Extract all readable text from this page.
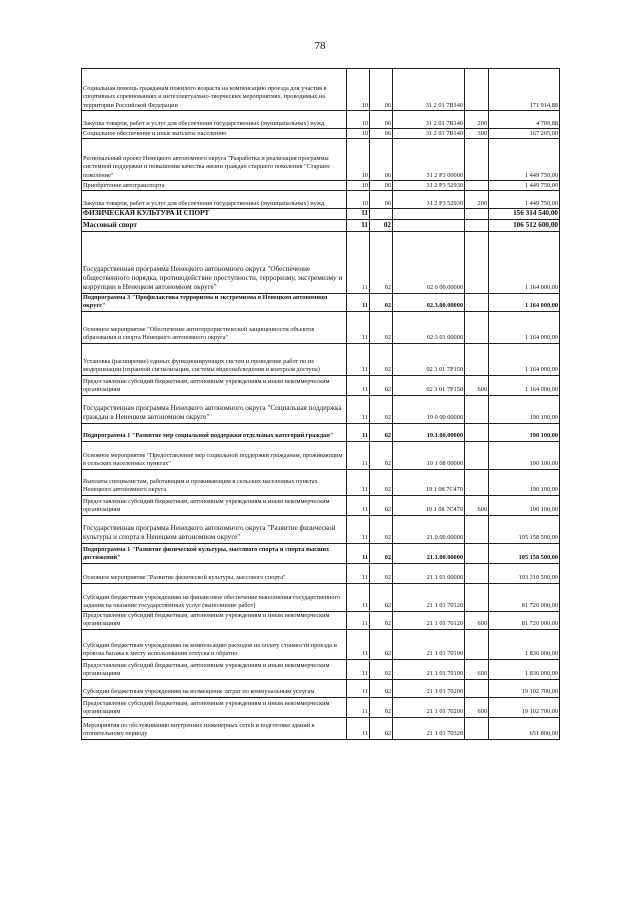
78
Социальная помощь гражданам пожилого возраста на компенсацию проезда для участия в спортивных соревнованиях и интеллектуально-творческих мероприятиях, проводимых на территории Российской Федерации	10	06	31 2 01 7В140		171 914,88
Закупка товаров, работ и услуг для обеспечения государственных (муниципальных) нужд	10	06	31 2 01 7В140	200	4 709,88
Социальное обеспечение и иные выплаты населению	10	06	31 2 01 7В140	300	167 205,00
Региональный проект Ненецкого автономного округа "Разработка и реализация программы системной поддержки и повышения качества жизни граждан старшего поколения "Старшее поколение"	10	06	31 2 P3 00000		1 449 750,00
Приобретение автотранспорта	10	06	31 2 P3 52930		1 449 750,00
Закупка товаров, работ и услуг для обеспечения государственных (муниципальных) нужд	10	06	31 2 P3 52930	200	1 449 750,00
ФИЗИЧЕСКАЯ КУЛЬТУРА И СПОРТ	11				156 314 540,00
Массовый спорт	11	02			106 512 600,00
Государственная программа Ненецкого автономного округа "Обеспечение общественного порядка, противодействие преступности, терроризму, экстремизму и коррупции в Ненецком автономном округе"	11	02	02 0 00.00000		1 164 000,00
Подпрограмма 3 "Профилактика терроризма и экстремизма в Ненецком автономном округе"	11	02	02.3.00.00000		1 164 000,00
Основное мероприятие "Обеспечение антитеррористической защищенности объектов образования и спорта Ненецкого автономного округа"	11	02	02 3 01 00000		1 164 000,00
Установка (расширение) единых функционирующих систем и проведение работ по их модернизации (охранной сигнализации, системы видеонаблюдения и контроля доступа)	11	02	02 3 01 7Р150		1 164 000,00
Предоставление субсидий бюджетным, автономным учреждениям и иным некоммерческим организациям	11	02	02 3 01 7Р150	600	1 164 000,00
Государственная программа Ненецкого автономного округа "Социальная поддержка граждан в Ненецком автономном округе"	11	02	19 0 00 00000		190 100,00
Подпрограмма 1 "Развитие мер социальной поддержки отдельных категорий граждан"	11	02	19.1.00.00000		190 100,00
Основное мероприятие "Предоставление мер социальной поддержки гражданам, проживающим в сельских населенных пунктах"	11	02	19 1 08 00000		190 100,00
Выплаты специалистам, работающим и проживающим в сельских населенных пунктах Ненецкого автономного округа	11	02	19 1 08 7С470		190 100,00
Предоставление субсидий бюджетным, автономным учреждениям и иным некоммерческим организациям	11	02	19 1 08 7С470	600	190 100,00
Государственная программа Ненецкого автономного округа "Развитие физической культуры и спорта в Ненецком автономном округе"	11	02	21.0.00.00000		105 158 500,00
Подпрограмма 1 "Развитие физической культуры, массового спорта и спорта высших достижений"	11	02	21.1.00.00000		105 158 500,00
Основное мероприятие "Развитие физической культуры, массового спорта"	11	02	21 1 01 00000		103 310 500,00
Субсидии бюджетным учреждениям на финансовое обеспечение выполнения государственного задания на оказание государственных услуг (выполнение работ)	11	02	21 1 01 70120		81 720 000,00
Предоставление субсидий бюджетным, автономным учреждениям и иным некоммерческим организациям	11	02	21 1 01 70120	600	81 720 000,00
Субсидии бюджетным учреждениям на компенсацию расходов на оплату стоимости проезда и провоза багажа к месту использования отпуска и обратно	11	02	21 1 01 70190		1 836 000,00
Предоставление субсидий бюджетным, автономным учреждениям и иным некоммерческим организациям	11	02	21 1 01 70190	600	1 836 000,00
Субсидии бюджетным учреждениям на возмещение затрат по коммунальным услугам	11	02	21 1 01 70200		19 102 700,00
Предоставление субсидий бюджетным, автономным учреждениям и иным некоммерческим организациям	11	02	21 1 01 70200	600	19 102 700,00
Мероприятия по обслуживанию внутренних инженерных сетей и подготовке зданий к отопительному периоду	11	02	21 1 01 70320		651 800,00
